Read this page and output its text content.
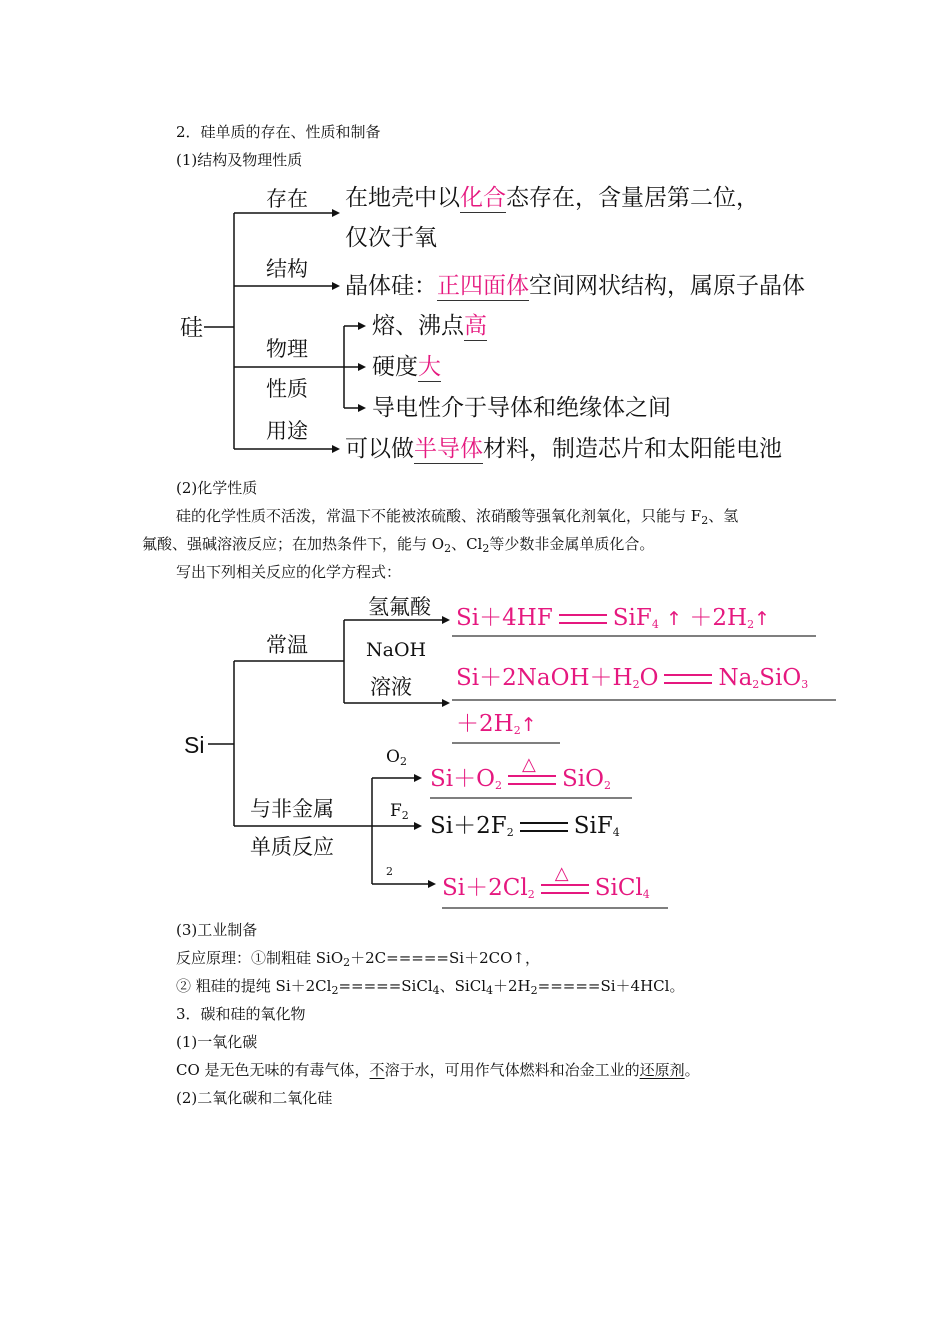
2．硅单质的存在、性质和制备
(1)结构及物理性质
硅
存在 在地壳中以化合态存在，含量居第二位，
仅次于氧
结构
晶体硅：正四面体空间网状结构，属原子晶体
物理
性质
熔、沸点高
硬度大
导电性介于导体和绝缘体之间
用途
可以做半导体材料，制造芯片和太阳能电池
(2)化学性质
硅的化学性质不活泼，常温下不能被浓硫酸、浓硝酸等强氧化剂氧化，只能与 $F_2$、氢
氟酸、强碱溶液反应；在加热条件下，能与 $O_2$、$Cl_2$等少数非金属单质化合。
写出下列相关反应的化学方程式：
Si
常温
氢氟酸
NaOH
溶液
Si＋4HF	SiF$_4$ ↑ $+2H_2↑$
$Si+2NaOH+H_2O$	$Na_2SiO_3$
$+2H_2↑$
与非金属
单质反应
$O_2$
$F_2$
$_2$
$Si+O_2$
△
SiO$_2$
$Si+2F_2$	SiF$_4$
$Si+2Cl_2$
△
SiCl$_4$
(3)工业制备
反应原理：①制粗硅 SiO$_2$＋2C=====Si＋2CO↑，
② 粗硅的提纯 $Si+2Cl_2=====SiCl_4$、$SiCl_4+2H_2=====Si+4HCl$。
3．碳和硅的氧化物
(1)一氧化碳
CO 是无色无味的有毒气体，不溶于水，可用作气体燃料和冶金工业的还原剂。
(2)二氧化碳和二氧化硅
